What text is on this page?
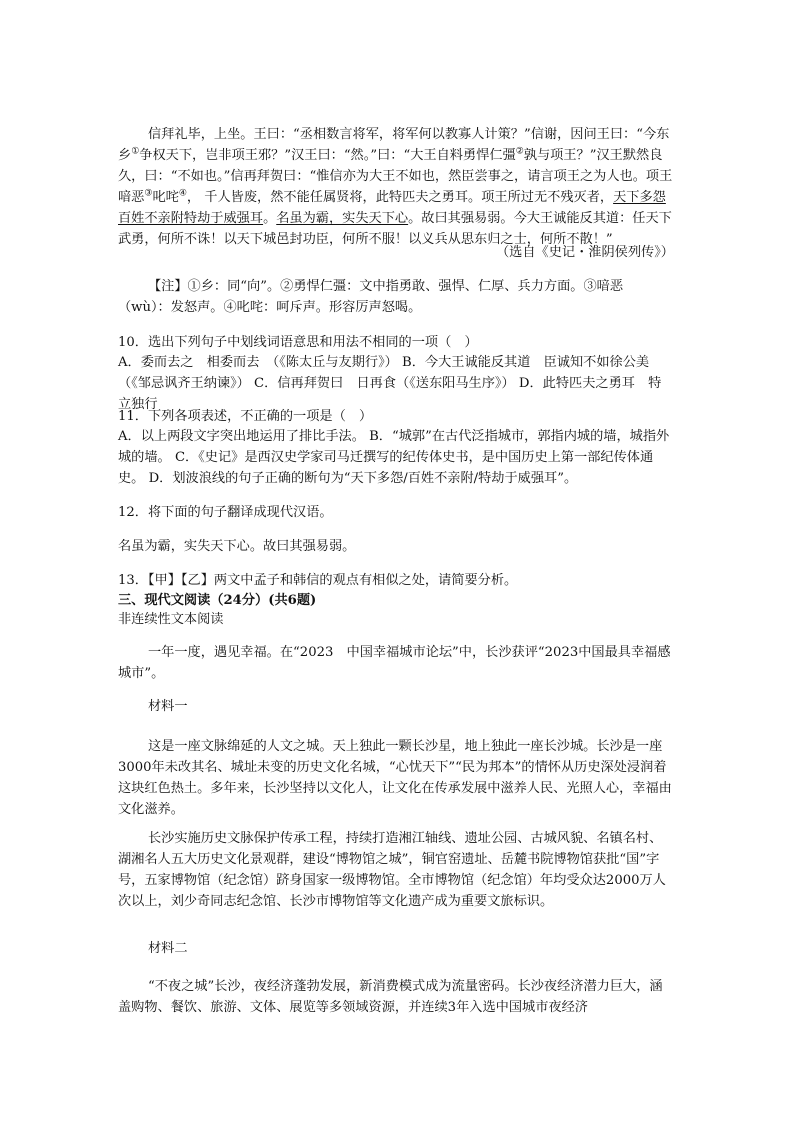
信拜礼毕，上坐。王曰：“丞相数言将军，将军何以教寡人计策？”信谢，因问王曰：“今东乡①争权天下，岂非项王邪？”汉王曰：“然。”曰：“大王自料勇悍仁彊②孰与项王？”汉王默然良久，曰：“不如也。”信再拜贺曰：“惟信亦为大王不如也，然臣尝事之，请言项王之为人也。项王喑恶③叱咤④， 千人皆废，然不能任属贤将，此特匹夫之勇耳。项王所过无不残灭者，天下多怨百姓不亲附特劫于威强耳。名虽为霸，实失天下心。故曰其强易弱。今大王诚能反其道：任天下武勇，何所不诛！以天下城邑封功臣，何所不服！以义兵从思东归之士，何所不散！”
（选自《史记・淮阴侯列传》）
【注】①乡：同“向”。②勇悍仁彊：文中指勇敢、强悍、仁厚、兵力方面。③喑恶（wù）：发怒声。④叱咤：呵斥声。形容厉声怒喝。
10．选出下列句子中划线词语意思和用法不相同的一项（　）
A．委而去之　相委而去　（《陈太丘与友期行》） B．今大王诚能反其道　臣诚知不如徐公美（《邹忌讽齐王纳谏》） C．信再拜贺曰　日再食（《送东阳马生序》） D．此特匹夫之勇耳　特立独行
11．下列各项表述，不正确的一项是（　）
A．以上两段文字突出地运用了排比手法。 B．“城郭”在古代泛指城市，郭指内城的墙，城指外城的墙。 C．《史记》是西汉史学家司马迁撰写的纪传体史书，是中国历史上第一部纪传体通史。 D．划波浪线的句子正确的断句为“天下多怨/百姓不亲附/特劫于威强耳”。
12．将下面的句子翻译成现代汉语。
名虽为霸，实失天下心。故曰其强易弱。
13．【甲】【乙】两文中孟子和韩信的观点有相似之处，请简要分析。
三、现代文阅读（24分）(共6题)
非连续性文本阅读
一年一度，遇见幸福。在“2023　中国幸福城市论坛”中，长沙获评“2023中国最具幸福感城市”。
材料一
这是一座文脉绵延的人文之城。天上独此一颗长沙星，地上独此一座长沙城。长沙是一座3000年未改其名、城址未变的历史文化名城，“心忧天下”“民为邦本”的情怀从历史深处浸润着这块红色热土。多年来，长沙坚持以文化人，让文化在传承发展中滋养人民、光照人心，幸福由文化滋养。
长沙实施历史文脉保护传承工程，持续打造湘江轴线、遗址公园、古城风貌、名镇名村、湖湘名人五大历史文化景观群，建设“博物馆之城”，铜官窑遗址、岳麓书院博物馆获批“国”字号，五家博物馆（纪念馆）跻身国家一级博物馆。全市博物馆（纪念馆）年均受众达2000万人次以上，刘少奇同志纪念馆、长沙市博物馆等文化遗产成为重要文旅标识。
材料二
“不夜之城”长沙，夜经济蓬勃发展，新消费模式成为流量密码。长沙夜经济潜力巨大，涵盖购物、餐饮、旅游、文体、展览等多领域资源，并连续3年入选中国城市夜经济
